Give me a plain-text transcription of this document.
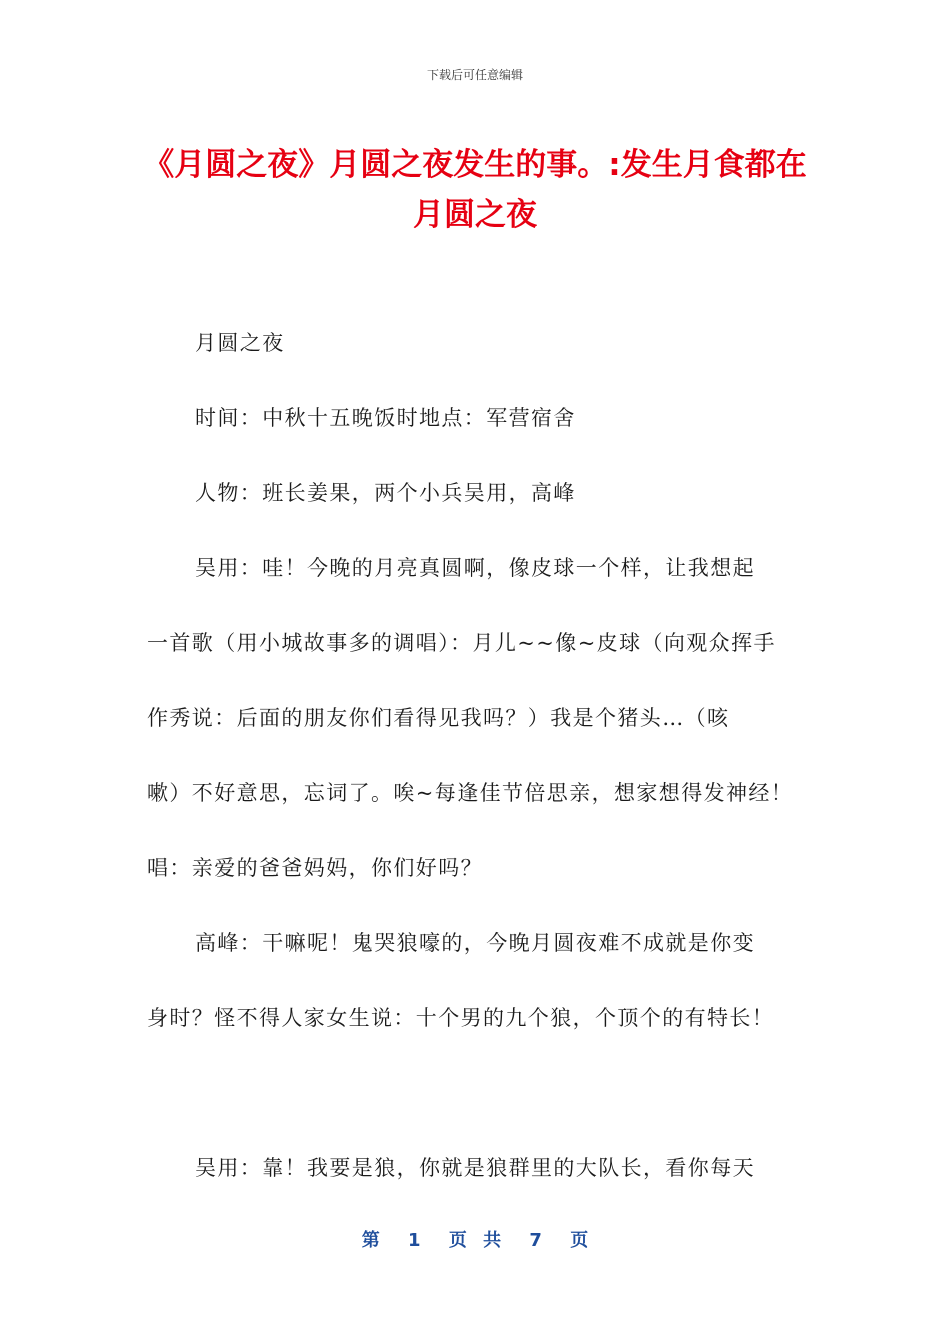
下载后可任意编辑
《月圆之夜》月圆之夜发生的事。:发生月食都在月圆之夜

月圆之夜

时间：中秋十五晚饭时地点：军营宿舍

人物：班长姜果，两个小兵吴用，高峰

吴用：哇！今晚的月亮真圆啊，像皮球一个样，让我想起

一首歌（用小城故事多的调唱）：月儿~~像~皮球（向观众挥手

作秀说：后面的朋友你们看得见我吗？）我是个猪头…（咳

嗽）不好意思，忘词了。唉~每逢佳节倍思亲，想家想得发神经！

唱：亲爱的爸爸妈妈，你们好吗？

高峰：干嘛呢！鬼哭狼嚎的，今晚月圆夜难不成就是你变

身时？怪不得人家女生说：十个男的九个狼，个顶个的有特长！

吴用：靠！我要是狼，你就是狼群里的大队长，看你每天

第 1 页 共 7 页
